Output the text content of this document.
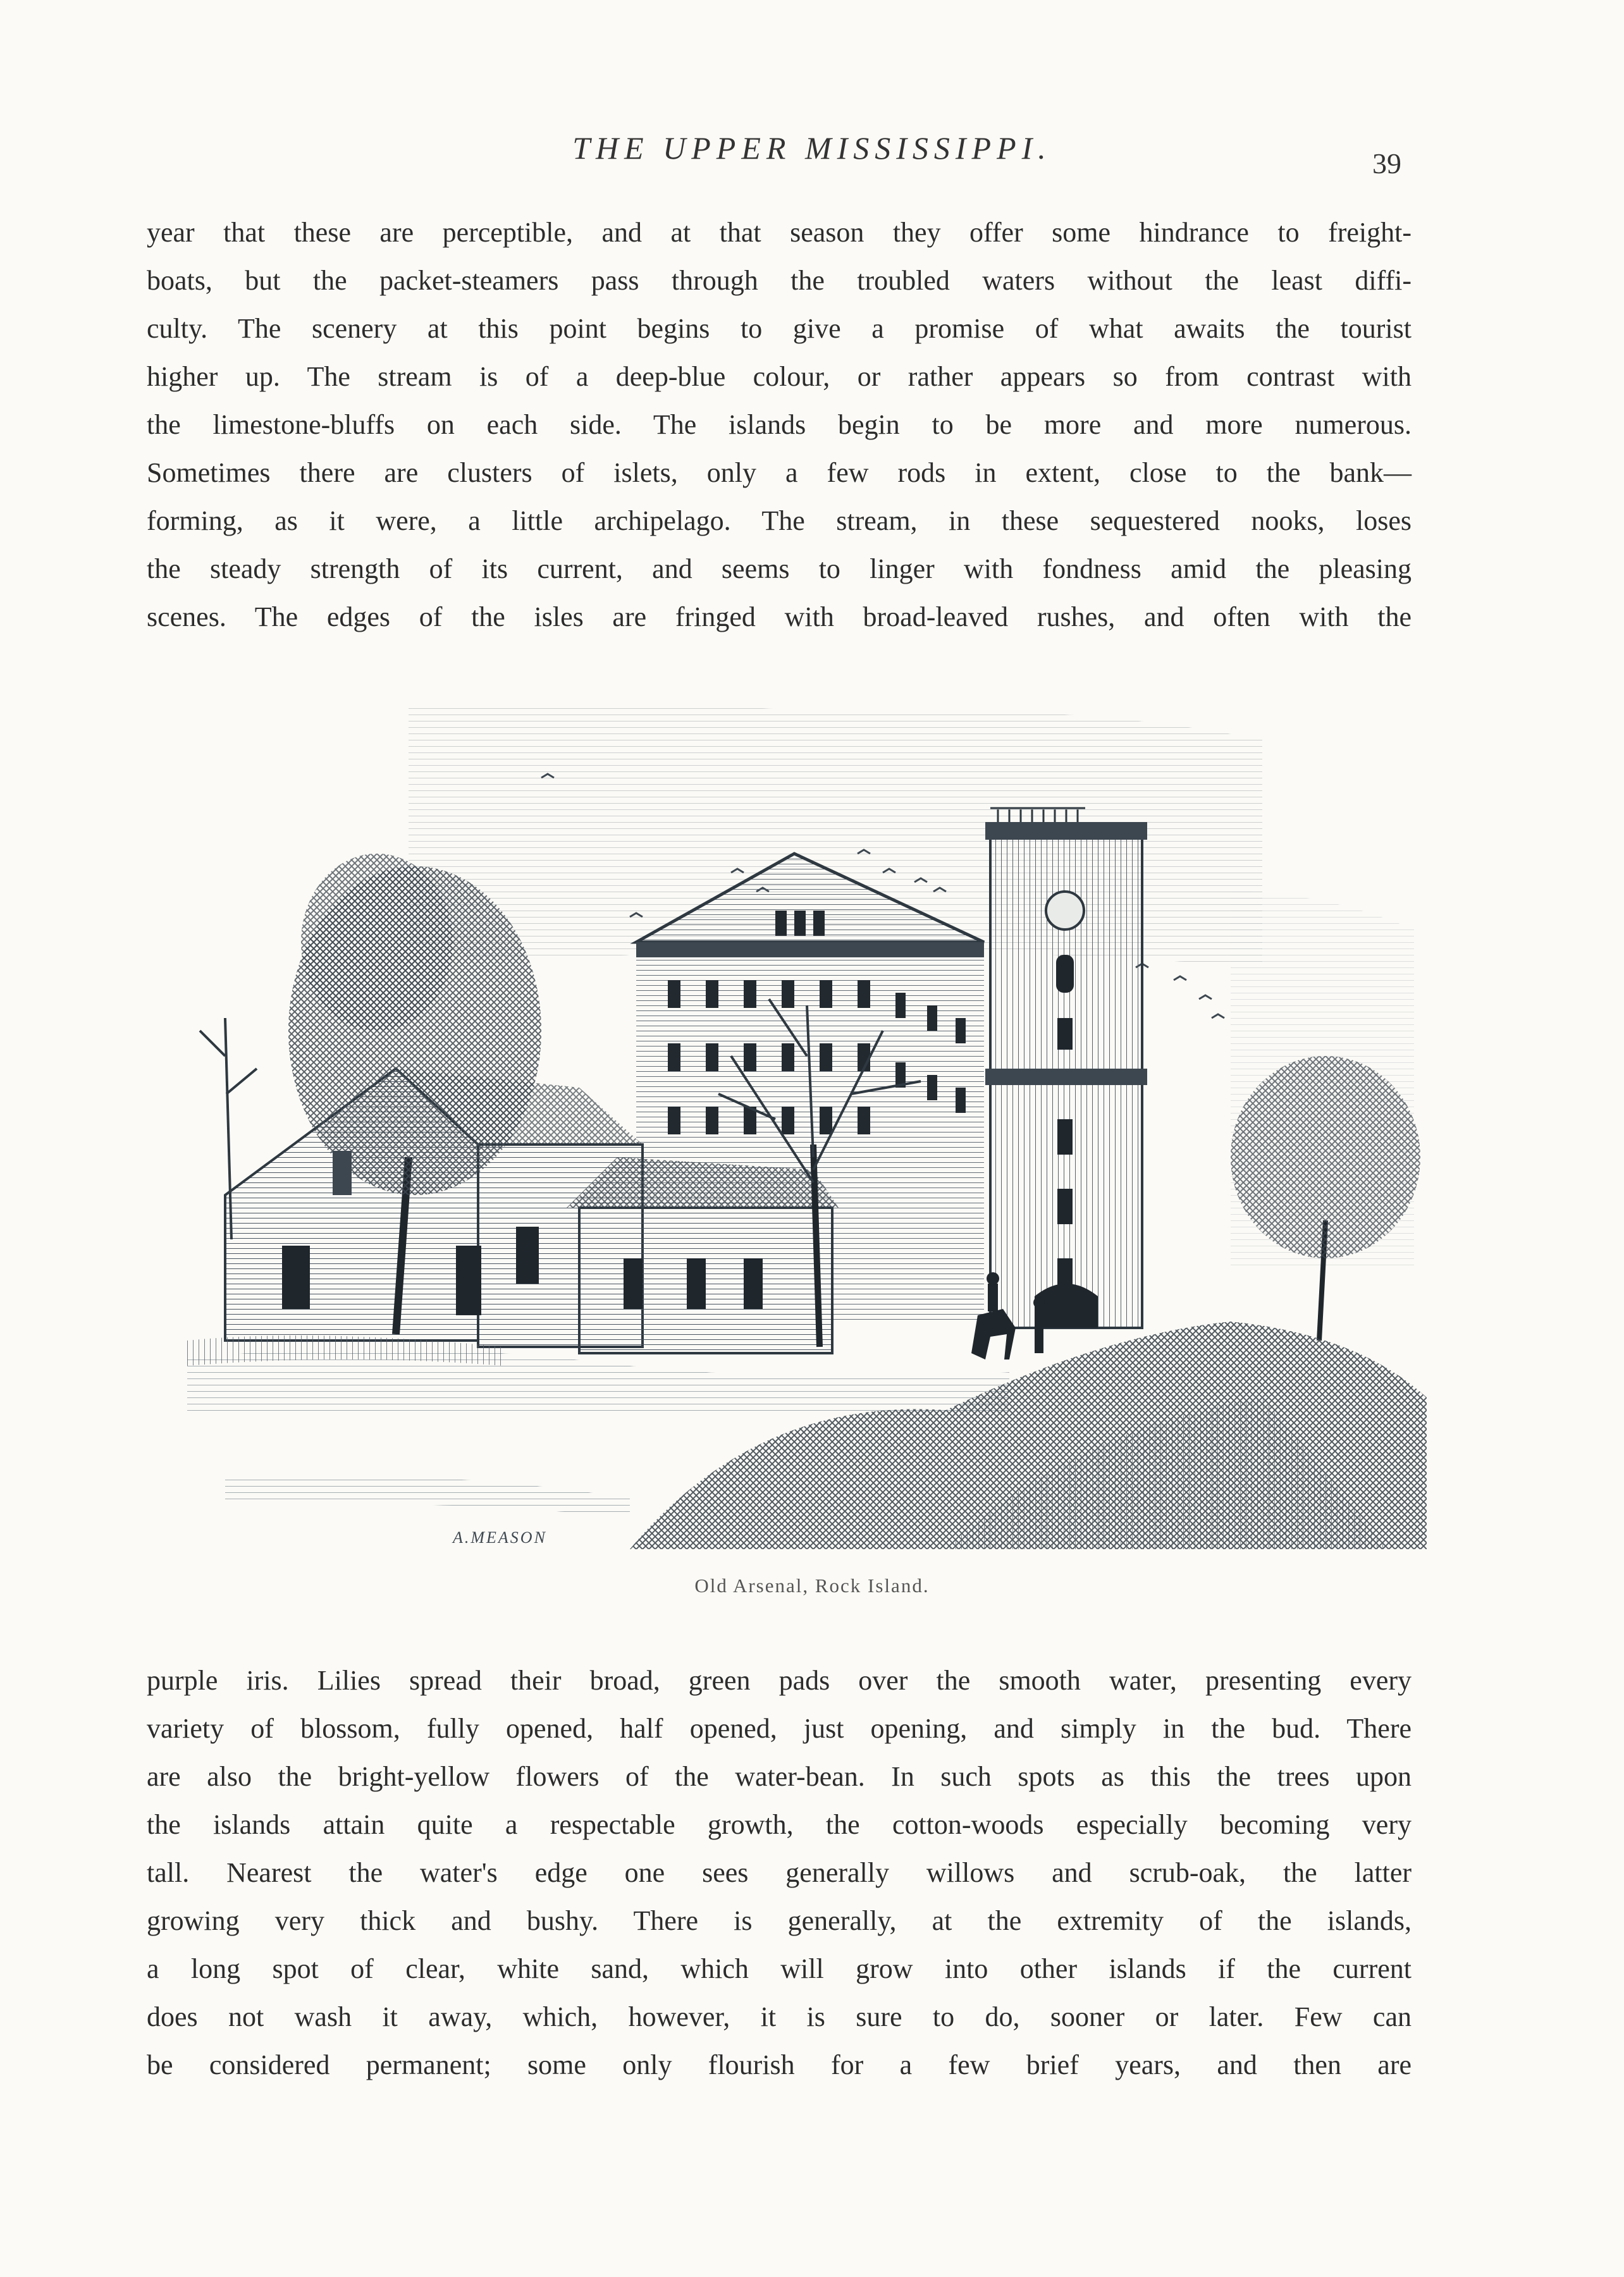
THE UPPER MISSISSIPPI.	39
year that these are perceptible, and at that season they offer some hindrance to freight-
boats, but the packet-steamers pass through the troubled waters without the least diffi-
culty. The scenery at this point begins to give a promise of what awaits the tourist
higher up. The stream is of a deep-blue colour, or rather appears so from contrast with
the limestone-bluffs on each side. The islands begin to be more and more numerous.
Sometimes there are clusters of islets, only a few rods in extent, close to the bank—
forming, as it were, a little archipelago. The stream, in these sequestered nooks, loses
the steady strength of its current, and seems to linger with fondness amid the pleasing
scenes. The edges of the isles are fringed with broad-leaved rushes, and often with the
A.MEASON
Old Arsenal, Rock Island.
purple iris. Lilies spread their broad, green pads over the smooth water, presenting every
variety of blossom, fully opened, half opened, just opening, and simply in the bud. There
are also the bright-yellow flowers of the water-bean. In such spots as this the trees upon
the islands attain quite a respectable growth, the cotton-woods especially becoming very
tall. Nearest the water's edge one sees generally willows and scrub-oak, the latter
growing very thick and bushy. There is generally, at the extremity of the islands,
a long spot of clear, white sand, which will grow into other islands if the current
does not wash it away, which, however, it is sure to do, sooner or later. Few can
be considered permanent; some only flourish for a few brief years, and then are
